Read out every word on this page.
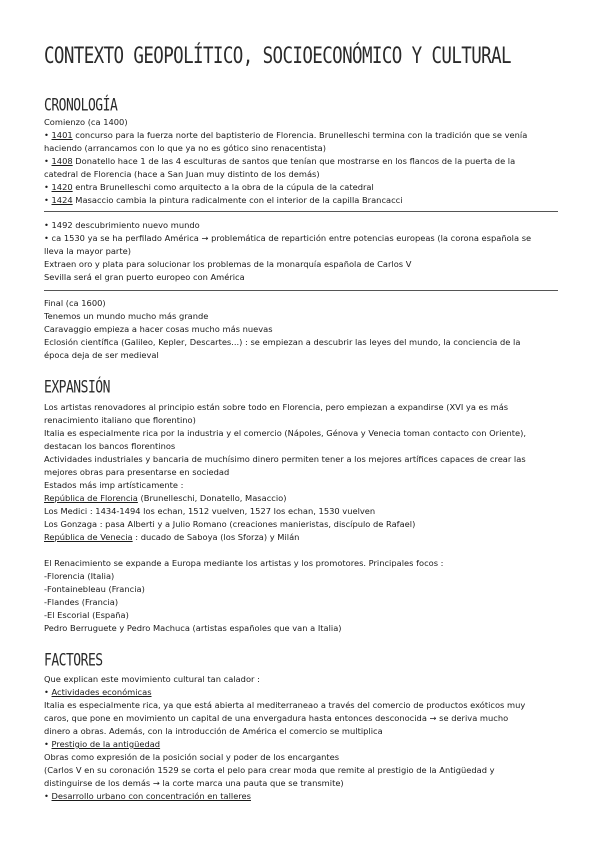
CONTEXTO GEOPOLÍTICO, SOCIOECONÓMICO Y CULTURAL
CRONOLOGÍA
Comienzo (ca 1400)
• 1401 concurso para la fuerza norte del baptisterio de Florencia. Brunelleschi termina con la tradición que se venía
haciendo (arrancamos con lo que ya no es gótico sino renacentista)
• 1408 Donatello hace 1 de las 4 esculturas de santos que tenían que mostrarse en los flancos de la puerta de la
catedral de Florencia (hace a San Juan muy distinto de los demás)
• 1420 entra Brunelleschi como arquitecto a la obra de la cúpula de la catedral
• 1424 Masaccio cambia la pintura radicalmente con el interior de la capilla Brancacci
• 1492 descubrimiento nuevo mundo
• ca 1530 ya se ha perfilado América → problemática de repartición entre potencias europeas (la corona española se
lleva la mayor parte)
Extraen oro y plata para solucionar los problemas de la monarquía española de Carlos V
Sevilla será el gran puerto europeo con América
Final (ca 1600)
Tenemos un mundo mucho más grande
Caravaggio empieza a hacer cosas mucho más nuevas
Eclosión científica (Galileo, Kepler, Descartes...) : se empiezan a descubrir las leyes del mundo, la conciencia de la
época deja de ser medieval
EXPANSIÓN
Los artistas renovadores al principio están sobre todo en Florencia, pero empiezan a expandirse (XVI ya es más
renacimiento italiano que florentino)
Italia es especialmente rica por la industria y el comercio (Nápoles, Génova y Venecia toman contacto con Oriente),
destacan los bancos florentinos
Actividades industriales y bancaria de muchísimo dinero permiten tener a los mejores artífices capaces de crear las
mejores obras para presentarse en sociedad
Estados más imp artísticamente :
República de Florencia (Brunelleschi, Donatello, Masaccio)
Los Medici : 1434-1494 los echan, 1512 vuelven, 1527 los echan, 1530 vuelven
Los Gonzaga : pasa Alberti y a Julio Romano (creaciones manieristas, discípulo de Rafael)
República de Venecia : ducado de Saboya (los Sforza) y Milán
El Renacimiento se expande a Europa mediante los artistas y los promotores. Principales focos :
-Florencia (Italia)
-Fontainebleau (Francia)
-Flandes (Francia)
-El Escorial (España)
Pedro Berruguete y Pedro Machuca (artistas españoles que van a Italia)
FACTORES
Que explican este movimiento cultural tan calador :
• Actividades económicas
Italia es especialmente rica, ya que está abierta al mediterraneao a través del comercio de productos exóticos muy
caros, que pone en movimiento un capital de una envergadura hasta entonces desconocida → se deriva mucho
dinero a obras. Además, con la introducción de América el comercio se multiplica
• Prestigio de la antigüedad
Obras como expresión de la posición social y poder de los encargantes
(Carlos V en su coronación 1529 se corta el pelo para crear moda que remite al prestigio de la Antigüedad y
distinguirse de los demás → la corte marca una pauta que se transmite)
• Desarrollo urbano con concentración en talleres
